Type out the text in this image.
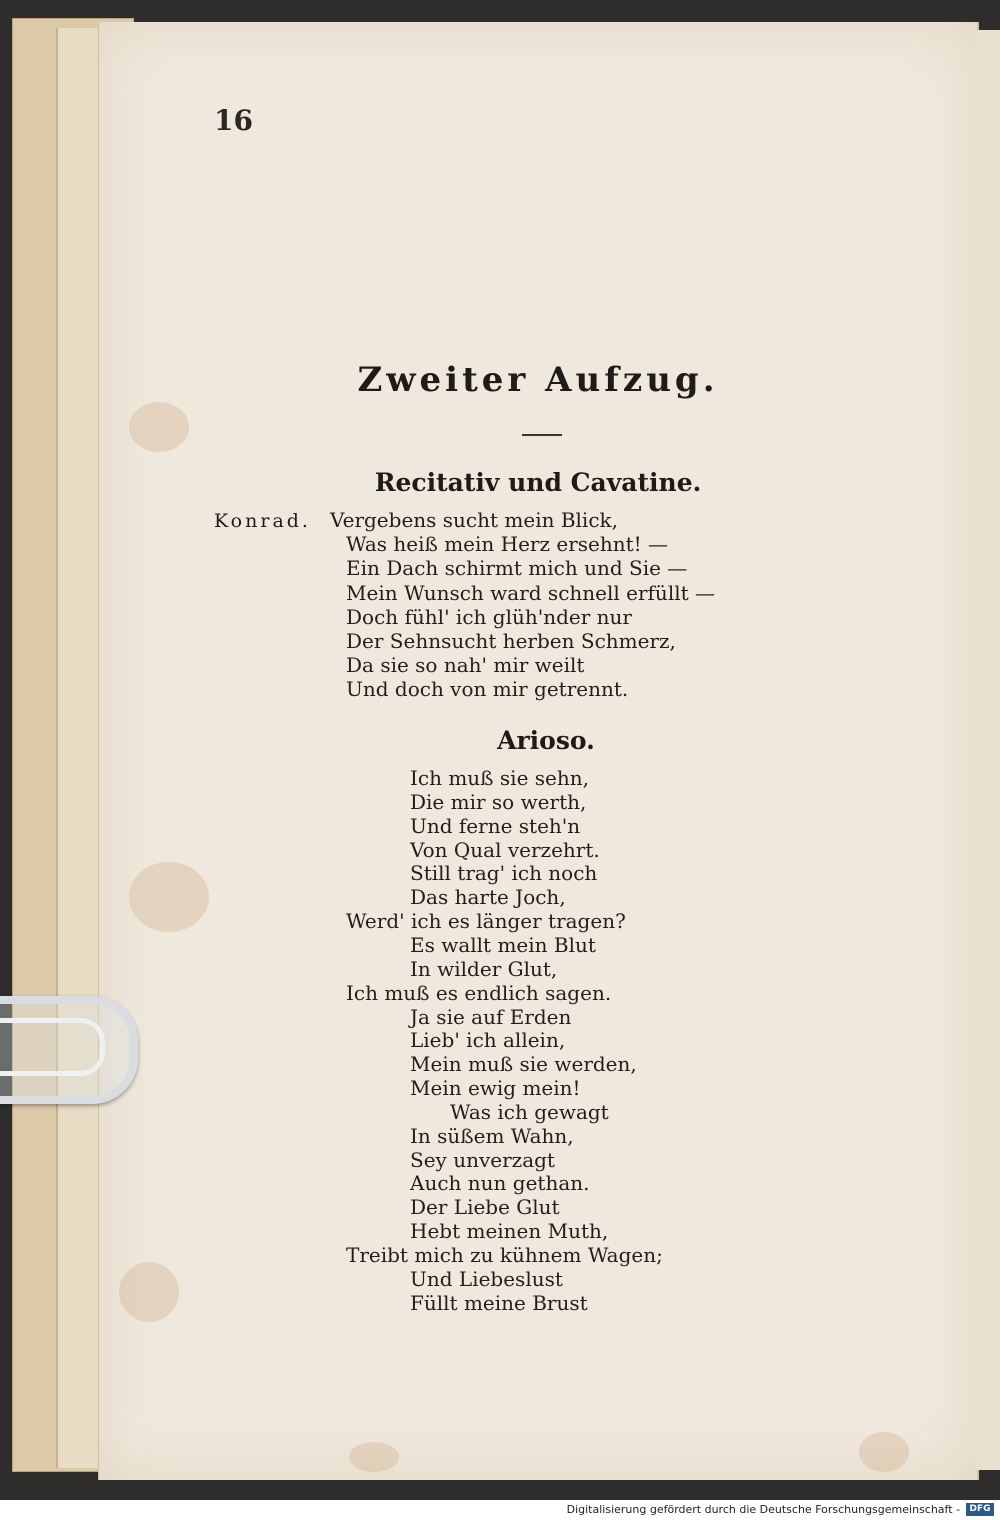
16
Zweiter Aufzug.
Recitativ und Cavatine.
Konrad. Vergebens sucht mein Blick,
Was heiß mein Herz ersehnt! —
Ein Dach schirmt mich und Sie —
Mein Wunsch ward schnell erfüllt —
Doch fühl' ich glüh'nder nur
Der Sehnsucht herben Schmerz,
Da sie so nah' mir weilt
Und doch von mir getrennt.
Arioso.
Ich muß sie sehn,
Die mir so werth,
Und ferne steh'n
Von Qual verzehrt.
Still trag' ich noch
Das harte Joch,
Werd' ich es länger tragen?
Es wallt mein Blut
In wilder Glut,
Ich muß es endlich sagen.
Ja sie auf Erden
Lieb' ich allein,
Mein muß sie werden,
Mein ewig mein!
Was ich gewagt
In süßem Wahn,
Sey unverzagt
Auch nun gethan.
Der Liebe Glut
Hebt meinen Muth,
Treibt mich zu kühnem Wagen;
Und Liebeslust
Füllt meine Brust
Digitalisierung gefördert durch die Deutsche Forschungsgemeinschaft -	DFG
